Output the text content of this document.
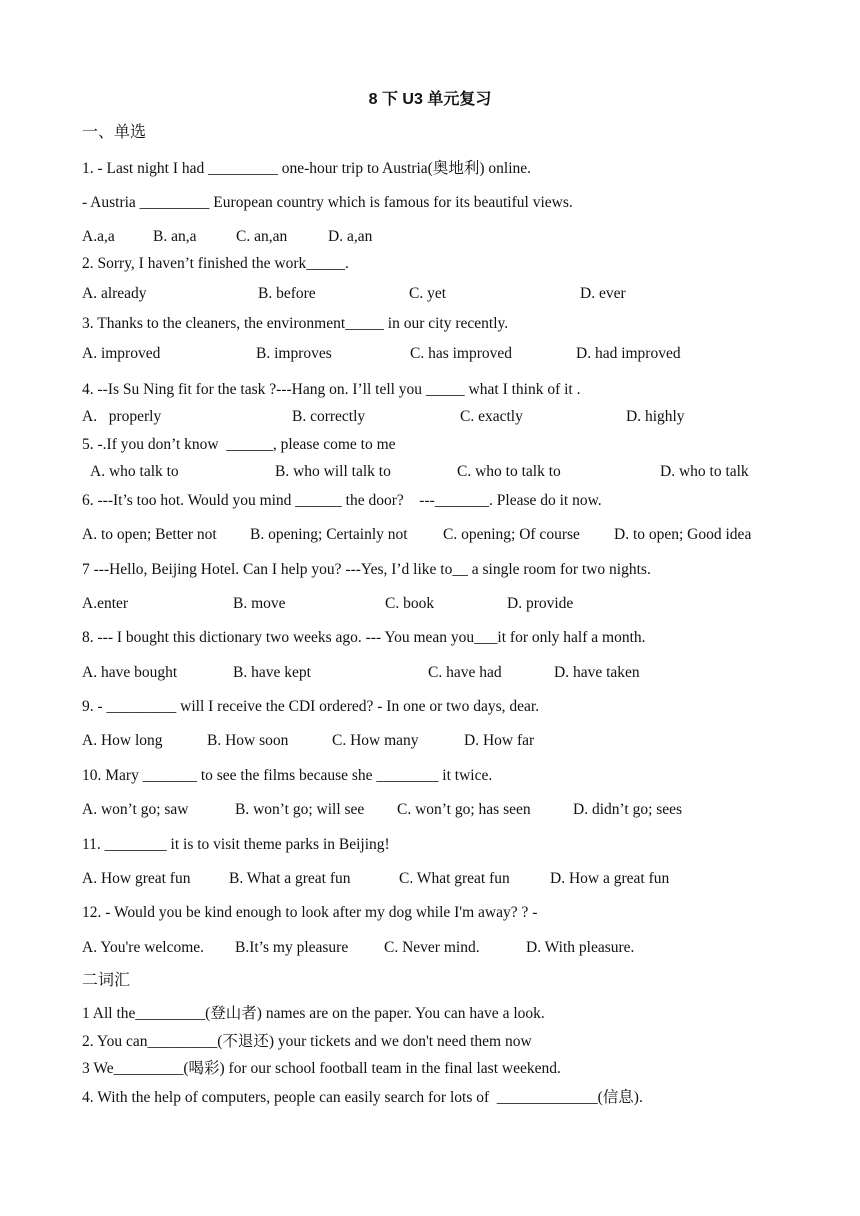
8 下 U3 单元复习
一、单选
1. - Last night I had _________ one-hour trip to Austria(奥地利) online.
- Austria _________ European country which is famous for its beautiful views.
A.a,a B. an,a	C. an,an	D. a,an
2. Sorry, I haven’t finished the work_____.
A. already	B. before	C. yet	D. ever
3. Thanks to the cleaners, the environment_____ in our city recently.
A. improved	B. improves	C. has improved	D. had improved
4. --Is Su Ning fit for the task ?---Hang on. I’ll tell you _____ what I think of it .
A.   properly	B. correctly	C. exactly	D. highly
5. -.If you don’t know  ______, please come to me
A. who talk to	B. who will talk to	C. who to talk to	D. who to talk
6. ---It’s too hot. Would you mind ______ the door?    ---_______. Please do it now.
A. to open; Better not B. opening; Certainly not C. opening; Of course D. to open; Good idea
7 ---Hello, Beijing Hotel. Can I help you? ---Yes, I’d like to__ a single room for two nights.
A.enter	B. move	C. book	D. provide
8. --- I bought this dictionary two weeks ago. --- You mean you___it for only half a month.
A. have bought	B. have kept	C. have had	D. have taken
9. - _________ will I receive the CDI ordered? - In one or two days, dear.
A. How long	B. How soon	C. How many	D. How far
10. Mary _______ to see the films because she ________ it twice.
A. won’t go; saw	B. won’t go; will see C. won’t go; has seen	D. didn’t go; sees
11. ________ it is to visit theme parks in Beijing!
A. How great fun B. What a great fun	C. What great fun	D. How a great fun
12. - Would you be kind enough to look after my dog while I'm away? ? -
A. You're welcome. B.It’s my pleasure C. Never mind.	D. With pleasure.
二词汇
1 All the_________(登山者) names are on the paper. You can have a look.
2. You can_________(不退还) your tickets and we don't need them now
3 We_________(喝彩) for our school football team in the final last weekend.
4. With the help of computers, people can easily search for lots of  _____________(信息).
